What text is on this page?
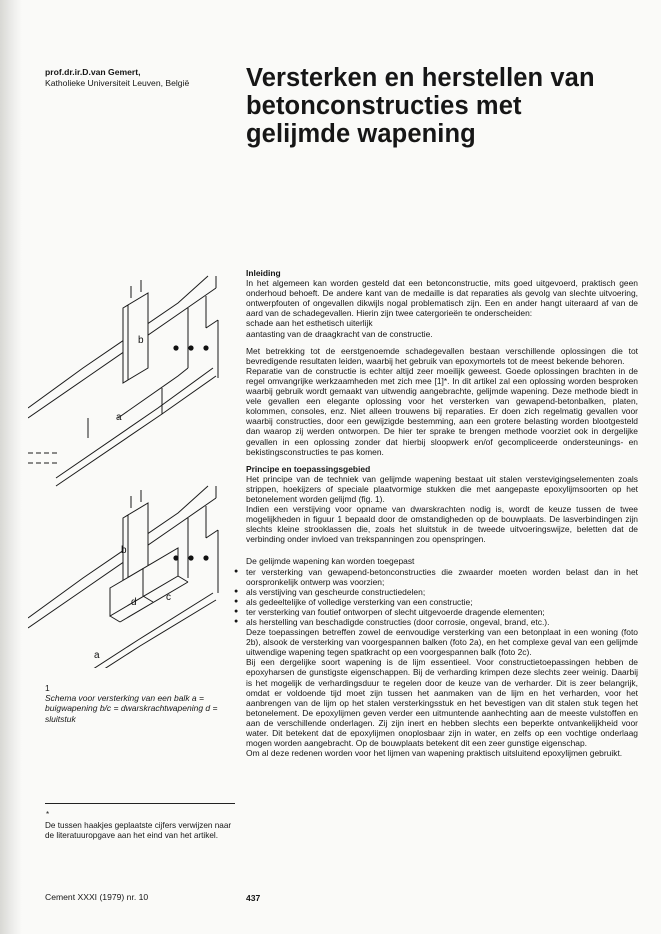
prof.dr.ir.D.van Gemert,
Katholieke Universiteit Leuven, België	Versterken en herstellen van
betonconstructies met
gelijmde wapening
b
a
b
d	c
a
1
Schema voor versterking van een balk a = buigwapening b/c = dwarskrachtwapening d = sluitstuk
*
De tussen haakjes geplaatste cijfers verwijzen naar de literatuuropgave aan het eind van het artikel.
Cement XXXI (1979) nr. 10	437
Inleiding

In het algemeen kan worden gesteld dat een betonconstructie, mits goed uitgevoerd, praktisch geen onderhoud behoeft. De andere kant van de medaille is dat reparaties als gevolg van slechte uitvoering, ontwerpfouten of ongevallen dikwijls nogal problematisch zijn. Een en ander hangt uiteraard af van de aard van de schadegevallen. Hierin zijn twee catergorieën te onderscheiden:

schade aan het esthetisch uiterlijk
aantasting van de draagkracht van de constructie.

Met betrekking tot de eerstgenoemde schadegevallen bestaan verschillende oplossingen die tot bevredigende resultaten leiden, waarbij het gebruik van epoxymortels tot de meest bekende behoren.

Reparatie van de constructie is echter altijd zeer moeilijk geweest. Goede oplossingen brachten in de regel omvangrijke werkzaamheden met zich mee [1]*. In dit artikel zal een oplossing worden besproken waarbij gebruik wordt gemaakt van uitwendig aangebrachte, gelijmde wapening. Deze methode biedt in vele gevallen een elegante oplossing voor het versterken van gewapend-betonbalken, platen, kolommen, consoles, enz. Niet alleen trouwens bij reparaties. Er doen zich regelmatig gevallen voor waarbij constructies, door een gewijzigde bestemming, aan een grotere belasting worden blootgesteld dan waarop zij werden ontworpen. De hier ter sprake te brengen methode voorziet ook in dergelijke gevallen in een oplossing zonder dat hierbij sloopwerk en/of gecompliceerde ondersteunings- en bekistingsconstructies te pas komen.

Principe en toepassingsgebied

Het principe van de techniek van gelijmde wapening bestaat uit stalen verstevigingselementen zoals strippen, hoekijzers of speciale plaatvormige stukken die met aangepaste epoxylijmsoorten op het betonelement worden gelijmd (fig. 1).

Indien een verstijving voor opname van dwarskrachten nodig is, wordt de keuze tussen de twee mogelijkheden in figuur 1 bepaald door de omstandigheden op de bouwplaats. De lasverbindingen zijn slechts kleine strooklassen die, zoals het sluitstuk in de tweede uitvoeringswijze, beletten dat de verbinding onder invloed van trekspanningen zou openspringen.

De gelijmde wapening kan worden toegepast

● ter versterking van gewapend-betonconstructies die zwaarder moeten worden belast dan in het oorspronkelijk ontwerp was voorzien;
● als verstijving van gescheurde constructiedelen;
● als gedeeltelijke of volledige versterking van een constructie;
● ter versterking van foutief ontworpen of slecht uitgevoerde dragende elementen;
● als herstelling van beschadigde constructies (door corrosie, ongeval, brand, etc.).

Deze toepassingen betreffen zowel de eenvoudige versterking van een betonplaat in een woning (foto 2b), alsook de versterking van voorgespannen balken (foto 2a), en het complexe geval van een gelijmde uitwendige wapening tegen spatkracht op een voorgespannen balk (foto 2c).

Bij een dergelijke soort wapening is de lijm essentieel. Voor constructietoepassingen hebben de epoxyharsen de gunstigste eigenschappen. Bij de verharding krimpen deze slechts zeer weinig. Daarbij is het mogelijk de verhardingsduur te regelen door de keuze van de verharder. Dit is zeer belangrijk, omdat er voldoende tijd moet zijn tussen het aanmaken van de lijm en het verharden, voor het aanbrengen van de lijm op het stalen versterkingsstuk en het bevestigen van dit stalen stuk tegen het betonelement. De epoxylijmen geven verder een uitmuntende aanhechting aan de meeste vulstoffen en aan de verschillende onderlagen. Zij zijn inert en hebben slechts een beperkte ontvankelijkheid voor water. Dit betekent dat de epoxylijmen onoplosbaar zijn in water, en zelfs op een vochtige onderlaag mogen worden aangebracht. Op de bouwplaats betekent dit een zeer gunstige eigenschap.

Om al deze redenen worden voor het lijmen van wapening praktisch uitsluitend epoxylijmen gebruikt.
